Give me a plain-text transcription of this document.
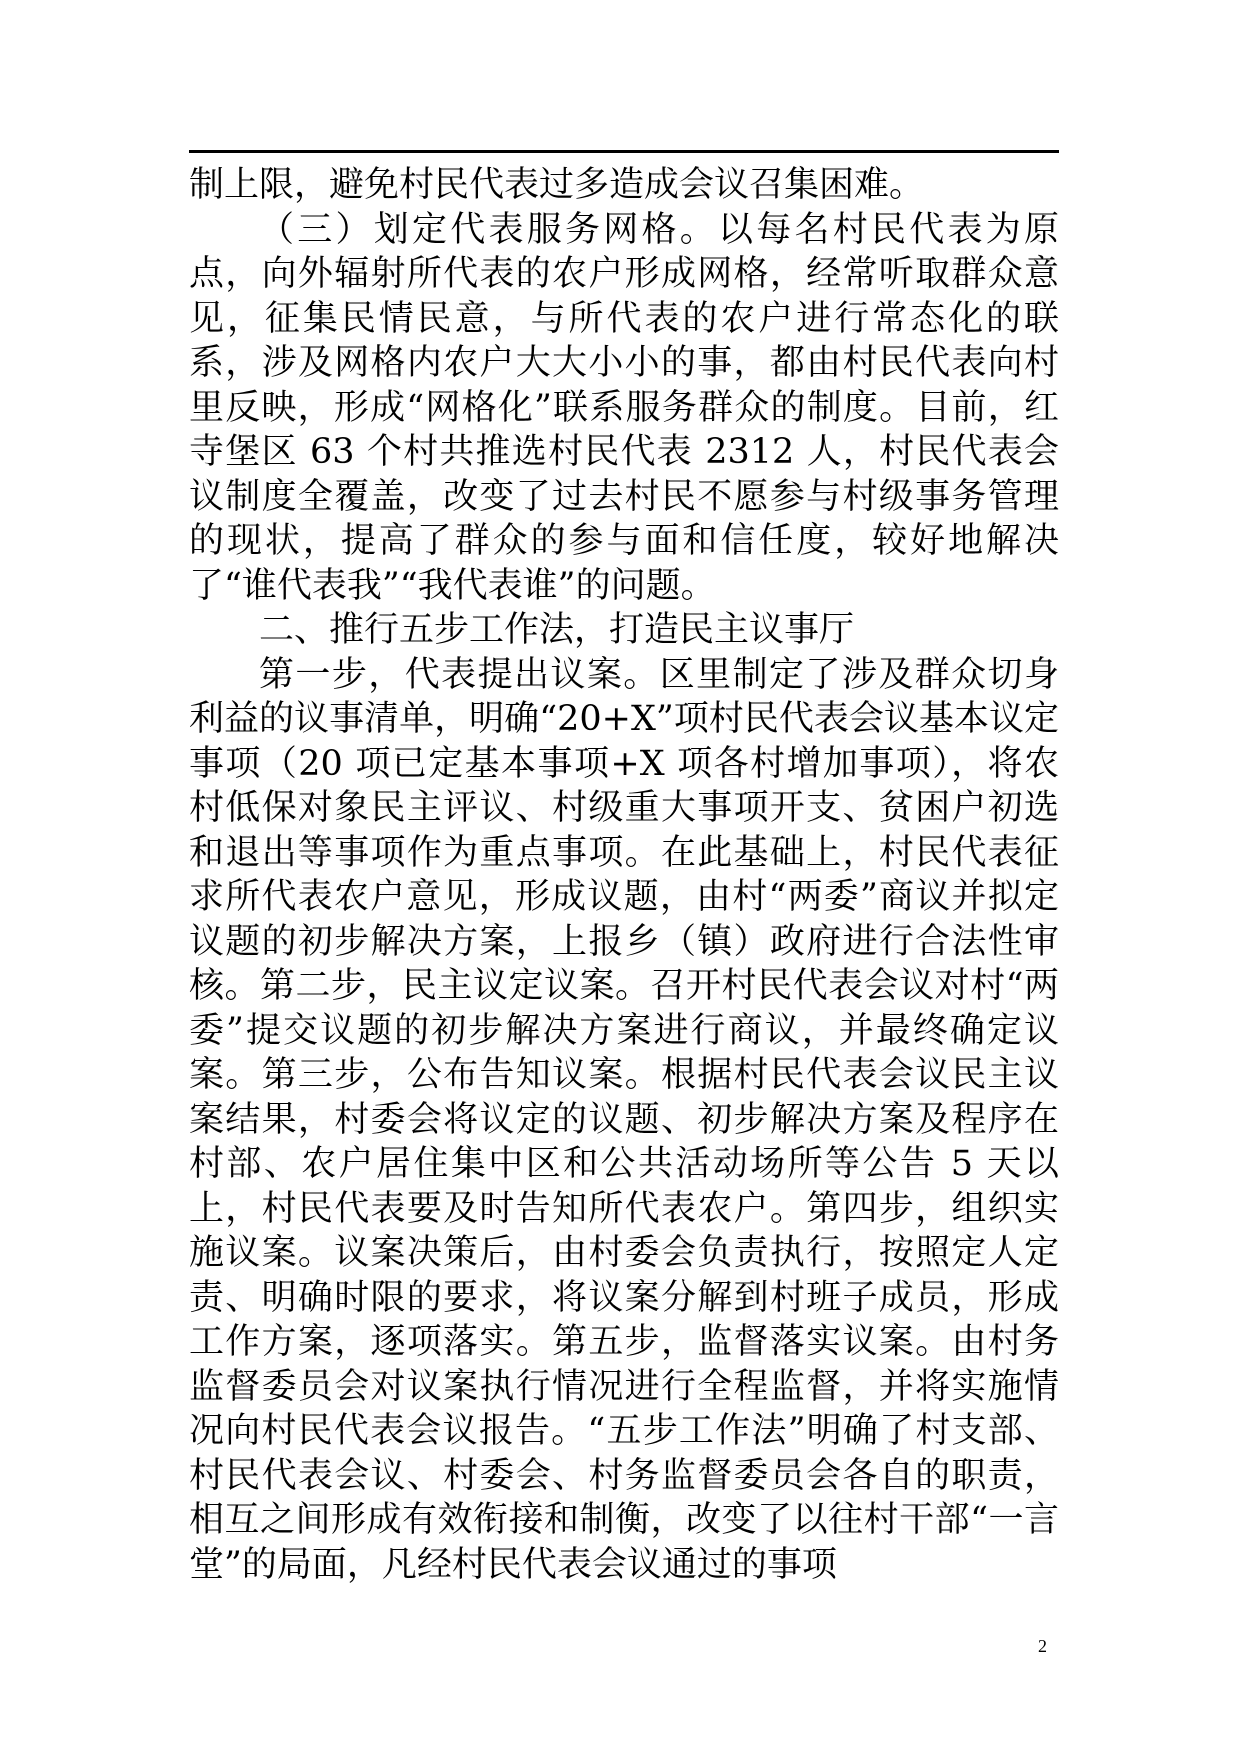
制上限，避免村民代表过多造成会议召集困难。

（三）划定代表服务网格。以每名村民代表为原点，向外辐射所代表的农户形成网格，经常听取群众意见，征集民情民意，与所代表的农户进行常态化的联系，涉及网格内农户大大小小的事，都由村民代表向村里反映，形成“网格化”联系服务群众的制度。目前，红寺堡区 63 个村共推选村民代表 2312 人，村民代表会议制度全覆盖，改变了过去村民不愿参与村级事务管理的现状，提高了群众的参与面和信任度，较好地解决了“谁代表我”“我代表谁”的问题。

二、推行五步工作法，打造民主议事厅

第一步，代表提出议案。区里制定了涉及群众切身利益的议事清单，明确“20+X”项村民代表会议基本议定事项（20 项已定基本事项+X 项各村增加事项），将农村低保对象民主评议、村级重大事项开支、贫困户初选和退出等事项作为重点事项。在此基础上，村民代表征求所代表农户意见，形成议题，由村“两委”商议并拟定议题的初步解决方案，上报乡（镇）政府进行合法性审核。第二步，民主议定议案。召开村民代表会议对村“两委”提交议题的初步解决方案进行商议，并最终确定议案。第三步，公布告知议案。根据村民代表会议民主议案结果，村委会将议定的议题、初步解决方案及程序在村部、农户居住集中区和公共活动场所等公告 5 天以上，村民代表要及时告知所代表农户。第四步，组织实施议案。议案决策后，由村委会负责执行，按照定人定责、明确时限的要求，将议案分解到村班子成员，形成工作方案，逐项落实。第五步，监督落实议案。由村务监督委员会对议案执行情况进行全程监督，并将实施情况向村民代表会议报告。“五步工作法”明确了村支部、村民代表会议、村委会、村务监督委员会各自的职责，相互之间形成有效衔接和制衡，改变了以往村干部“一言堂”的局面，凡经村民代表会议通过的事项

2
